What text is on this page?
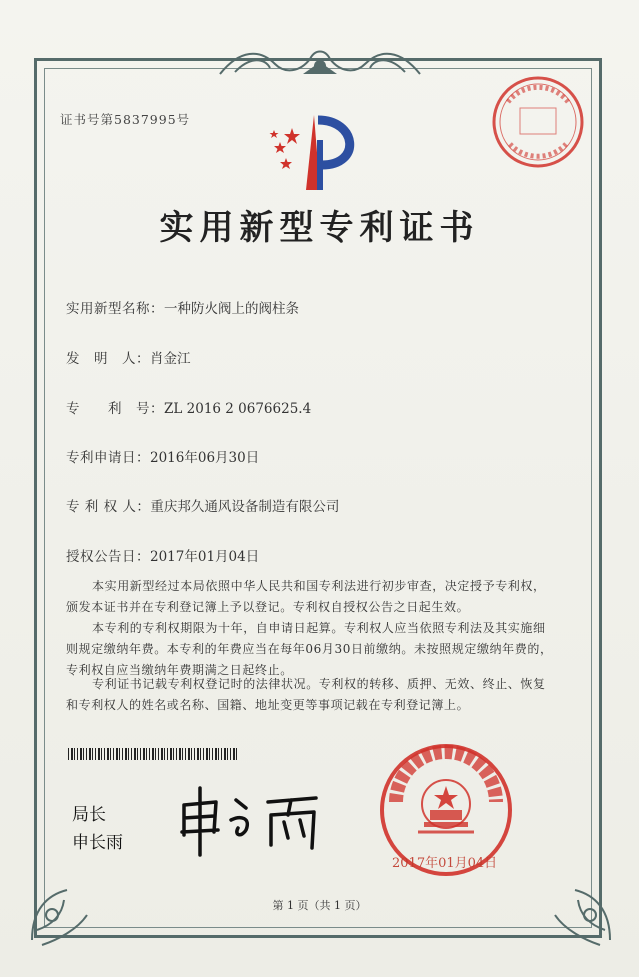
证书号第5837995号
实用新型专利证书
实用新型名称：一种防火阀上的阀柱条
发　明　人：肖金江
专　　利　号：ZL 2016 2 0676625.4
专利申请日：2016年06月30日
专 利 权 人：重庆邦久通风设备制造有限公司
授权公告日：2017年01月04日
本实用新型经过本局依照中华人民共和国专利法进行初步审查，决定授予专利权，颁发本证书并在专利登记簿上予以登记。专利权自授权公告之日起生效。
本专利的专利权期限为十年，自申请日起算。专利权人应当依照专利法及其实施细则规定缴纳年费。本专利的年费应当在每年06月30日前缴纳。未按照规定缴纳年费的，专利权自应当缴纳年费期满之日起终止。
专利证书记载专利权登记时的法律状况。专利权的转移、质押、无效、终止、恢复和专利权人的姓名或名称、国籍、地址变更等事项记载在专利登记簿上。
局长
申长雨
2017年01月04日
第 1 页（共 1 页）
